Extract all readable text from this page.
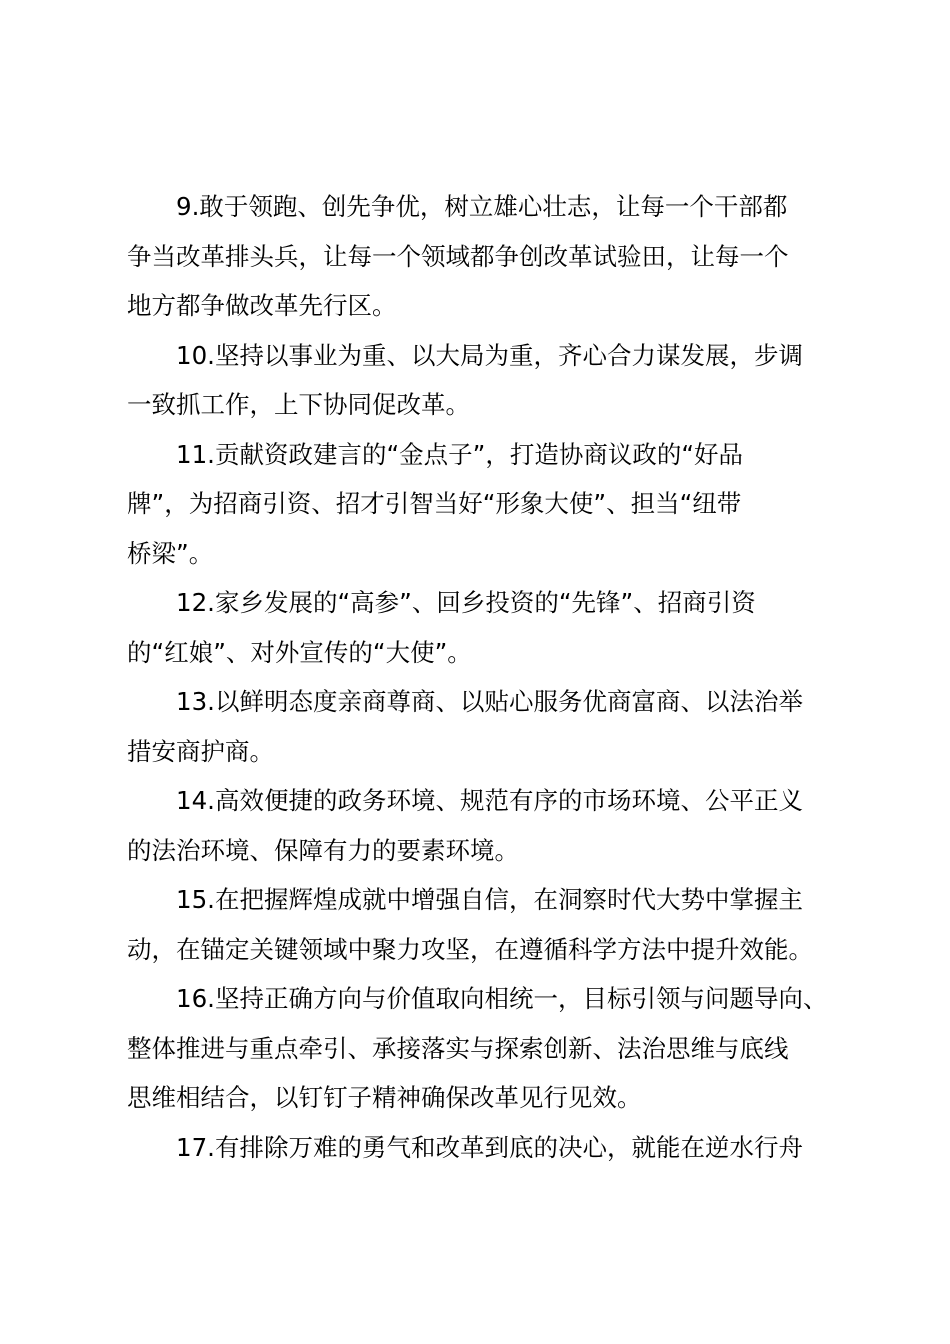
9.敢于领跑、创先争优，树立雄心壮志，让每一个干部都
争当改革排头兵，让每一个领域都争创改革试验田，让每一个
地方都争做改革先行区。
10.坚持以事业为重、以大局为重，齐心合力谋发展，步调
一致抓工作，上下协同促改革。
11.贡献资政建言的“金点子”，打造协商议政的“好品
牌”，为招商引资、招才引智当好“形象大使”、担当“纽带
桥梁”。
12.家乡发展的“高参”、回乡投资的“先锋”、招商引资
的“红娘”、对外宣传的“大使”。
13.以鲜明态度亲商尊商、以贴心服务优商富商、以法治举
措安商护商。
14.高效便捷的政务环境、规范有序的市场环境、公平正义
的法治环境、保障有力的要素环境。
15.在把握辉煌成就中增强自信，在洞察时代大势中掌握主
动，在锚定关键领域中聚力攻坚，在遵循科学方法中提升效能。
16.坚持正确方向与价值取向相统一，目标引领与问题导向、
整体推进与重点牵引、承接落实与探索创新、法治思维与底线
思维相结合，以钉钉子精神确保改革见行见效。
17.有排除万难的勇气和改革到底的决心，就能在逆水行舟
